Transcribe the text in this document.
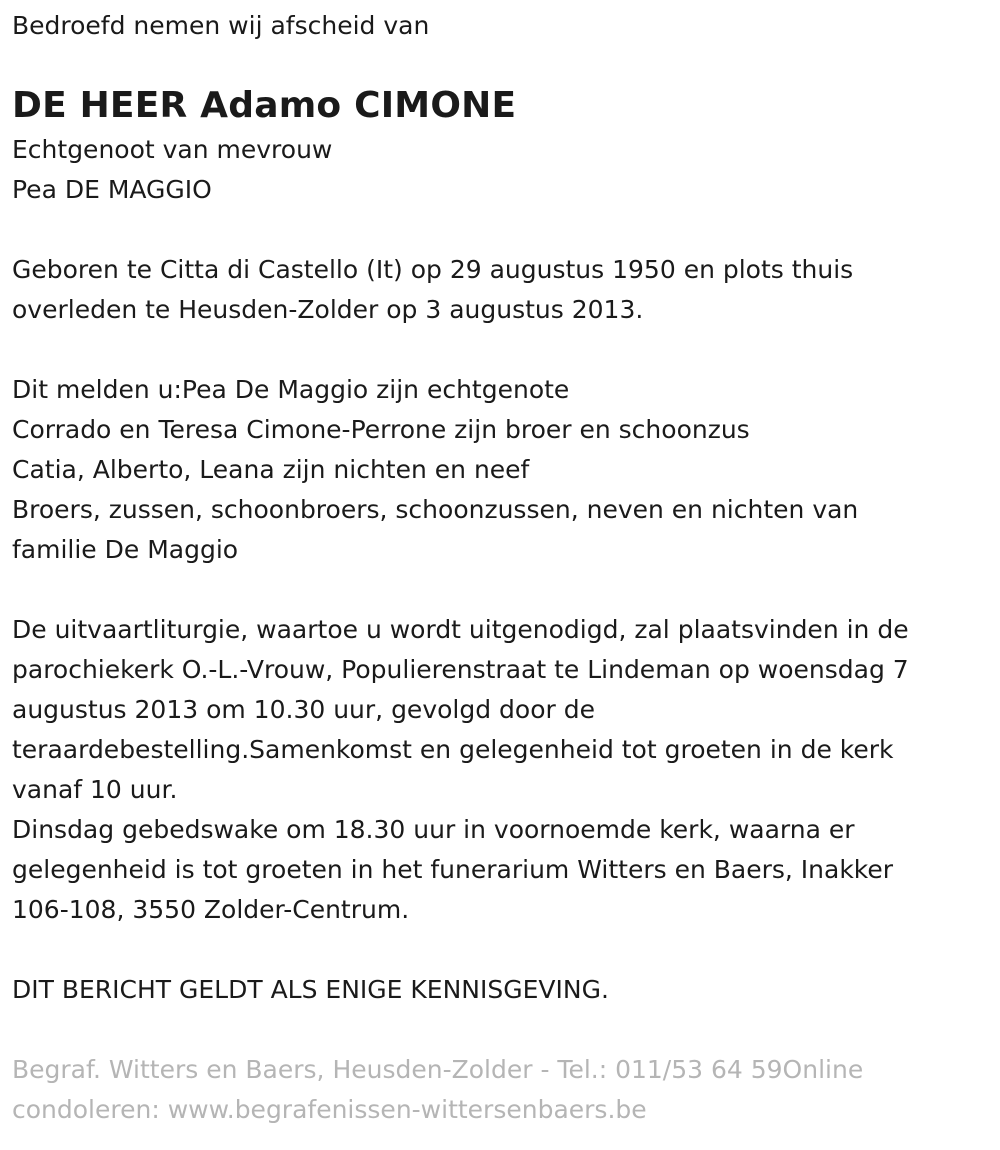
Bedroefd nemen wij afscheid van

DE HEER Adamo CIMONE

Echtgenoot van mevrouw

Pea DE MAGGIO

Geboren te Citta di Castello (It) op 29 augustus 1950 en plots thuis

overleden te Heusden-Zolder op 3 augustus 2013.

Dit melden u:Pea De Maggio zijn echtgenote

Corrado en Teresa Cimone-Perrone zijn broer en schoonzus

Catia, Alberto, Leana zijn nichten en neef

Broers, zussen, schoonbroers, schoonzussen, neven en nichten van

familie De Maggio

De uitvaartliturgie, waartoe u wordt uitgenodigd, zal plaatsvinden in de

parochiekerk O.-L.-Vrouw, Populierenstraat te Lindeman op woensdag 7

augustus 2013 om 10.30 uur, gevolgd door de

teraardebestelling.Samenkomst en gelegenheid tot groeten in de kerk

vanaf 10 uur.

Dinsdag gebedswake om 18.30 uur in voornoemde kerk, waarna er

gelegenheid is tot groeten in het funerarium Witters en Baers, Inakker

106-108, 3550 Zolder-Centrum.

DIT BERICHT GELDT ALS ENIGE KENNISGEVING.

Begraf. Witters en Baers, Heusden-Zolder - Tel.: 011/53 64 59Online

condoleren: www.begrafenissen-wittersenbaers.be
